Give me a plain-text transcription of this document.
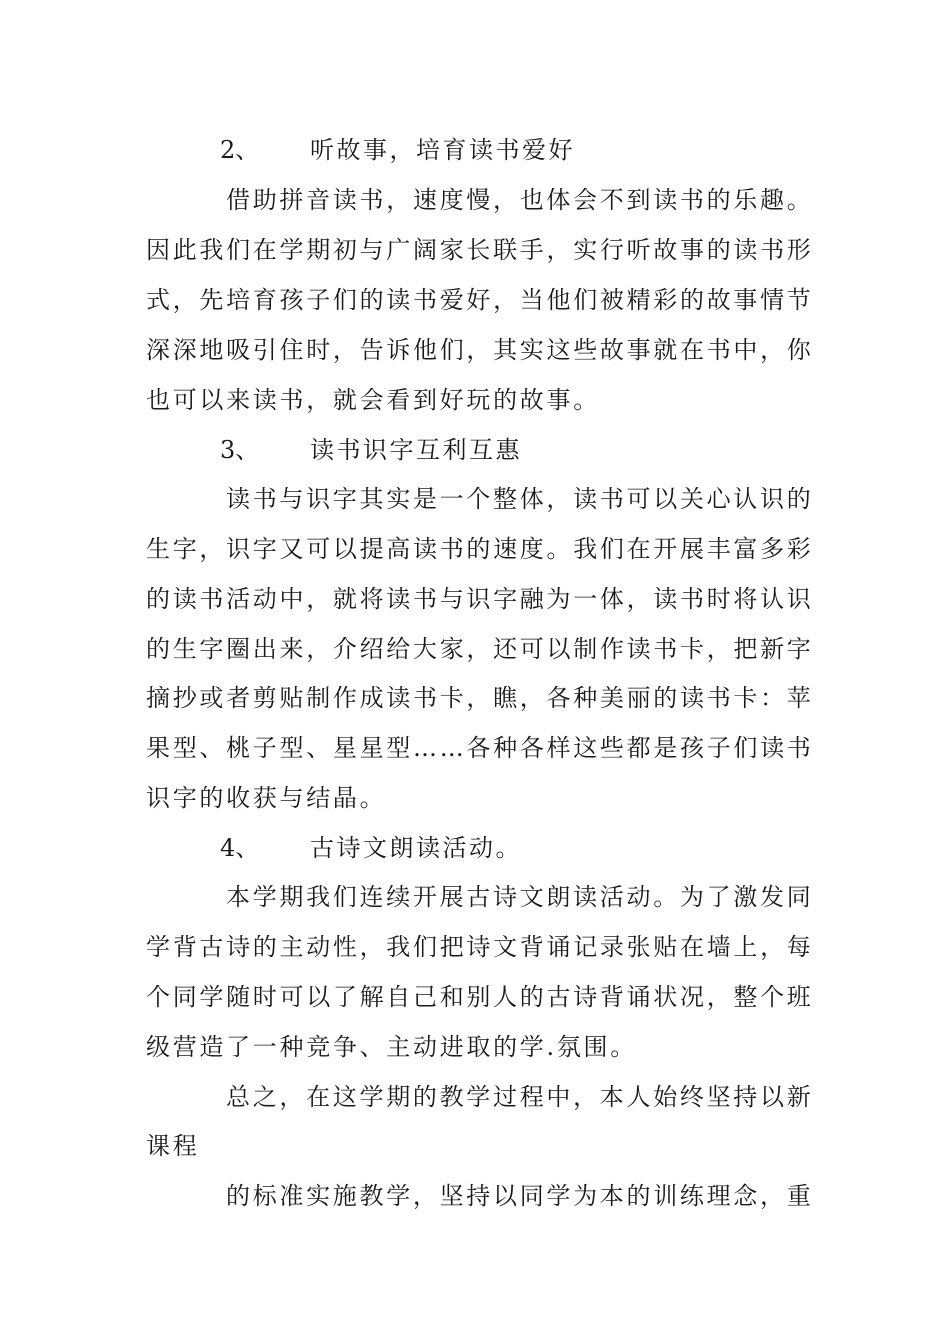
2、 听故事，培育读书爱好
借助拼音读书，速度慢，也体会不到读书的乐趣。
因此我们在学期初与广阔家长联手，实行听故事的读书形
式，先培育孩子们的读书爱好，当他们被精彩的故事情节
深深地吸引住时，告诉他们，其实这些故事就在书中，你
也可以来读书，就会看到好玩的故事。
3、 读书识字互利互惠
读书与识字其实是一个整体，读书可以关心认识的
生字，识字又可以提高读书的速度。我们在开展丰富多彩
的读书活动中，就将读书与识字融为一体，读书时将认识
的生字圈出来，介绍给大家，还可以制作读书卡，把新字
摘抄或者剪贴制作成读书卡，瞧，各种美丽的读书卡：苹
果型、桃子型、星星型……各种各样这些都是孩子们读书
识字的收获与结晶。
4、 古诗文朗读活动。
本学期我们连续开展古诗文朗读活动。为了激发同
学背古诗的主动性，我们把诗文背诵记录张贴在墙上，每
个同学随时可以了解自己和别人的古诗背诵状况，整个班
级营造了一种竞争、主动进取的学.氛围。
总之，在这学期的教学过程中，本人始终坚持以新
课程
的标准实施教学，坚持以同学为本的训练理念，重
